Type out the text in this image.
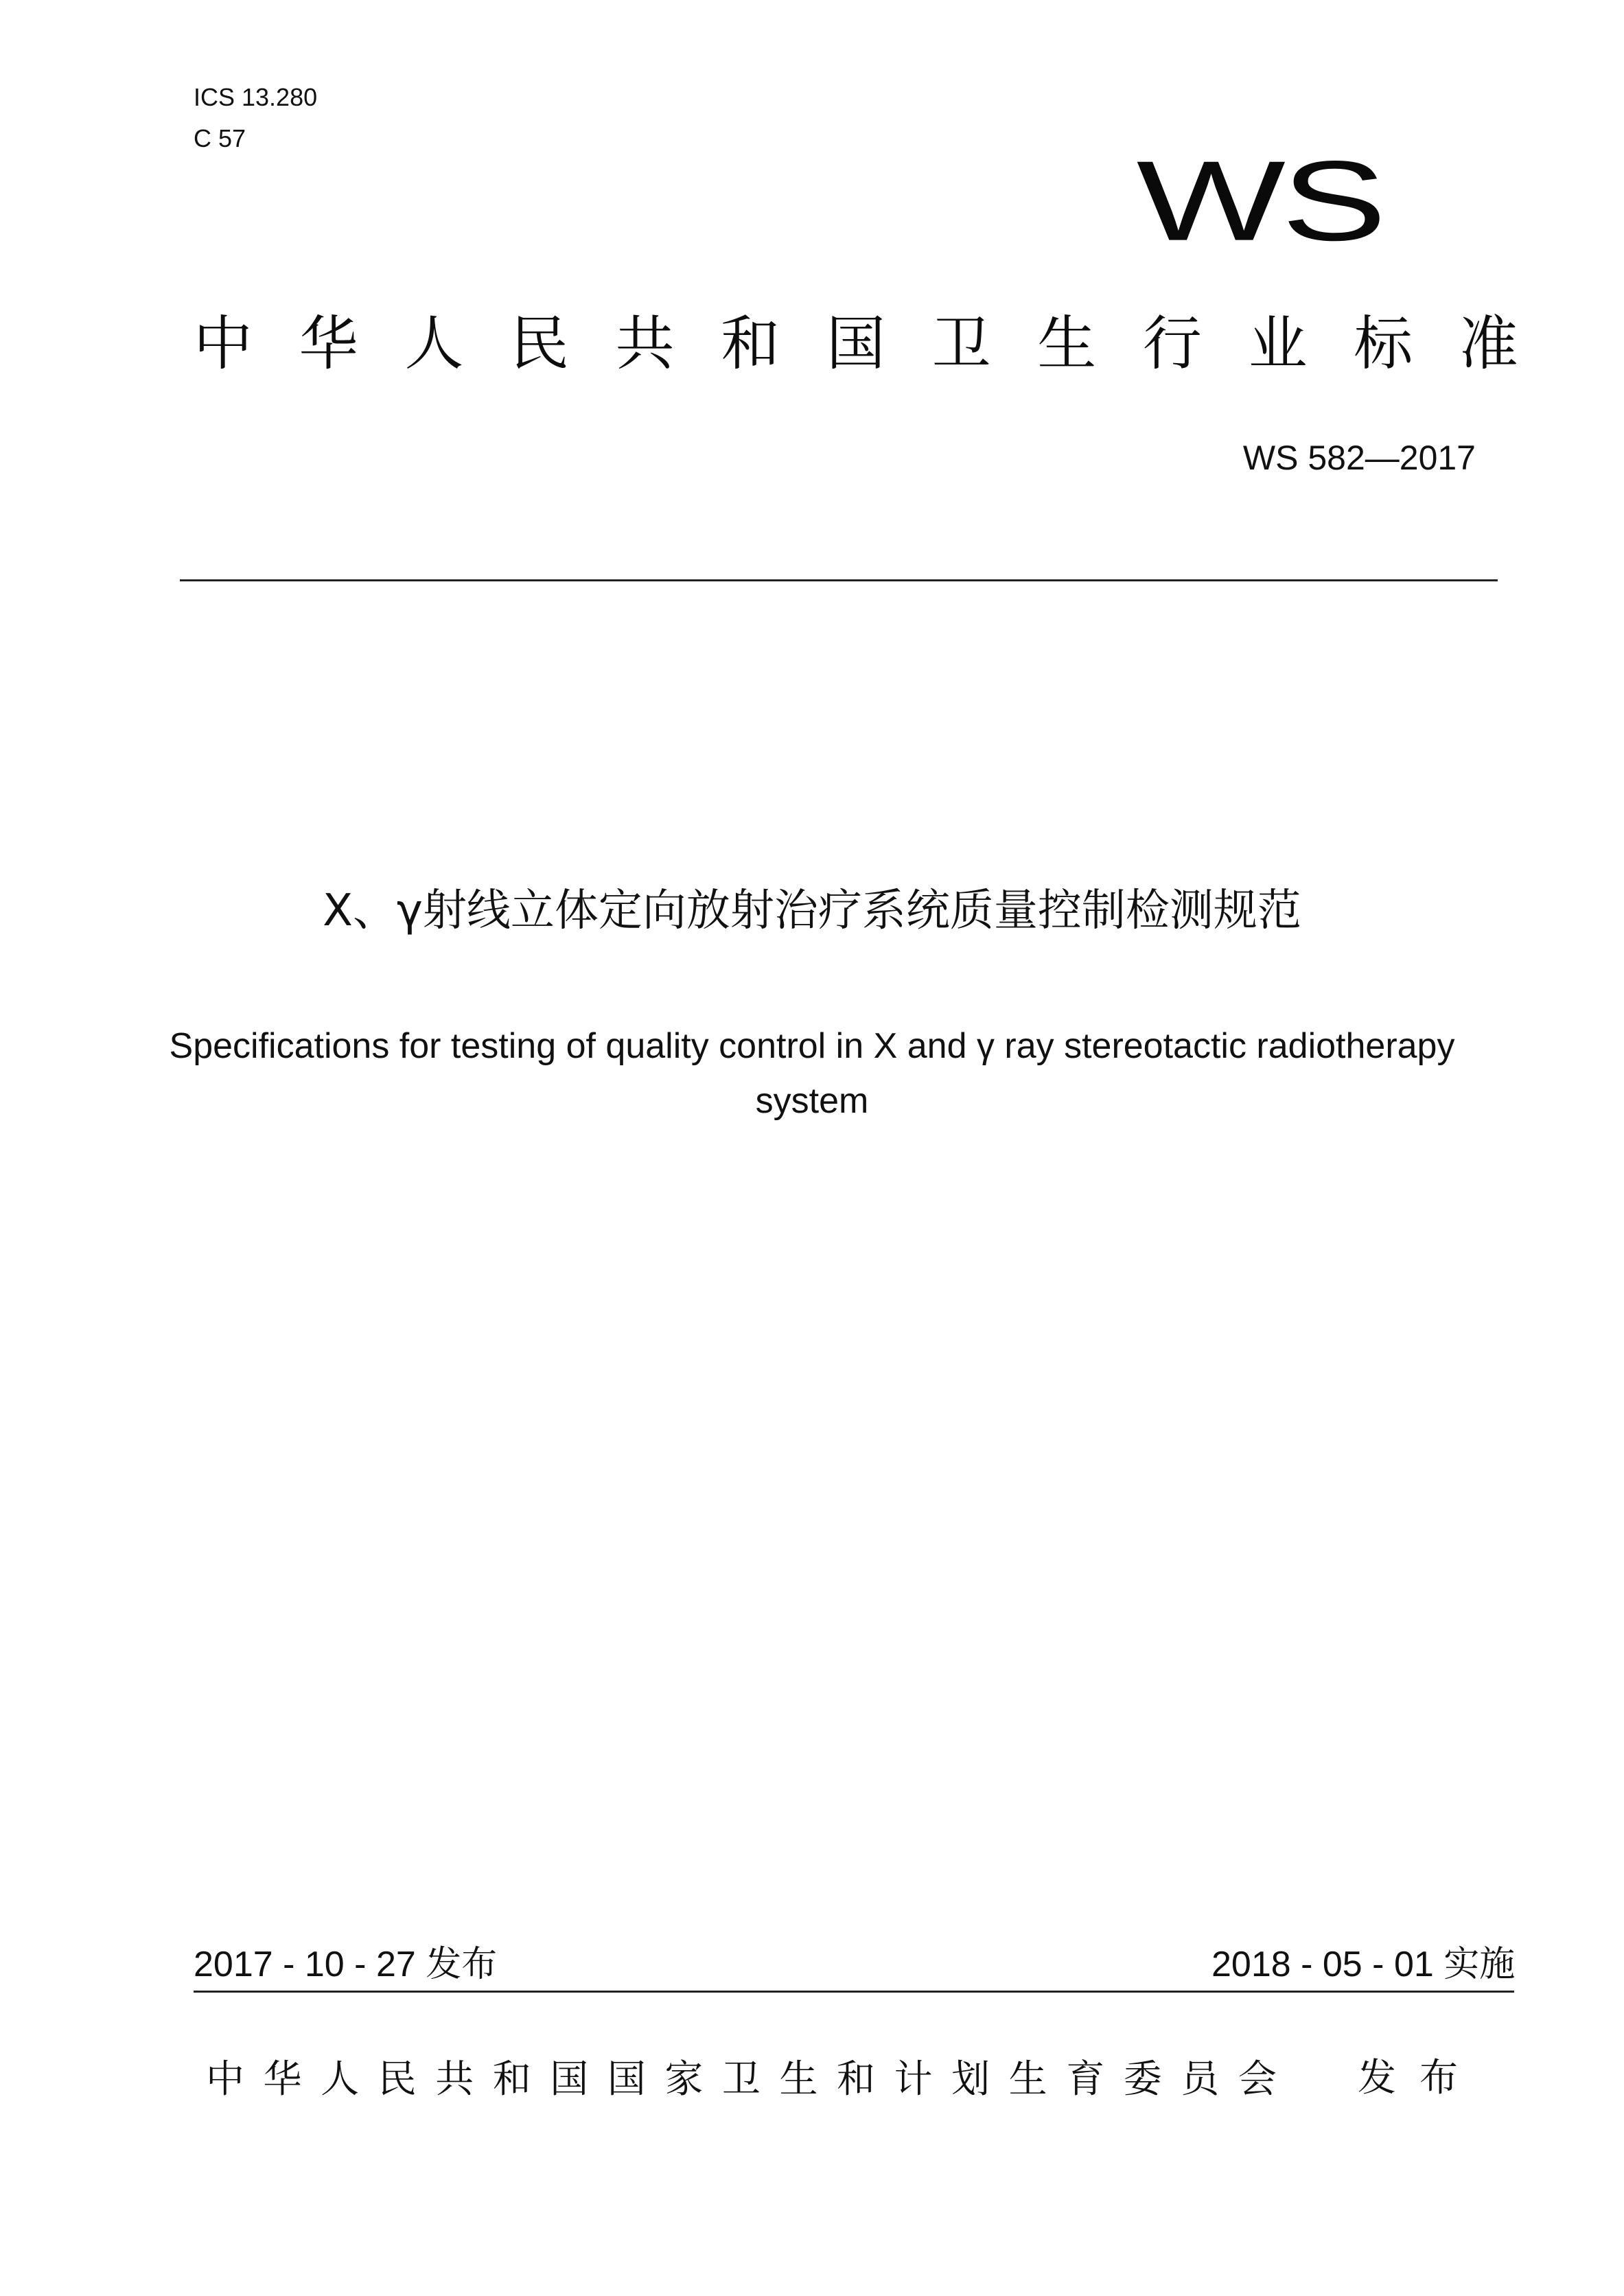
ICS 13.280
C 57	WS
中 华 人 民 共 和 国 卫 生 行 业 标 准
WS 582—2017
X、γ射线立体定向放射治疗系统质量控制检测规范
Specifications for testing of quality control in X and γ ray stereotactic radiotherapy
system
2017 - 10 - 27 发布	2018 - 05 - 01 实施
中 华 人 民 共 和 国 国 家 卫 生 和 计 划 生 育 委 员 会 发布
